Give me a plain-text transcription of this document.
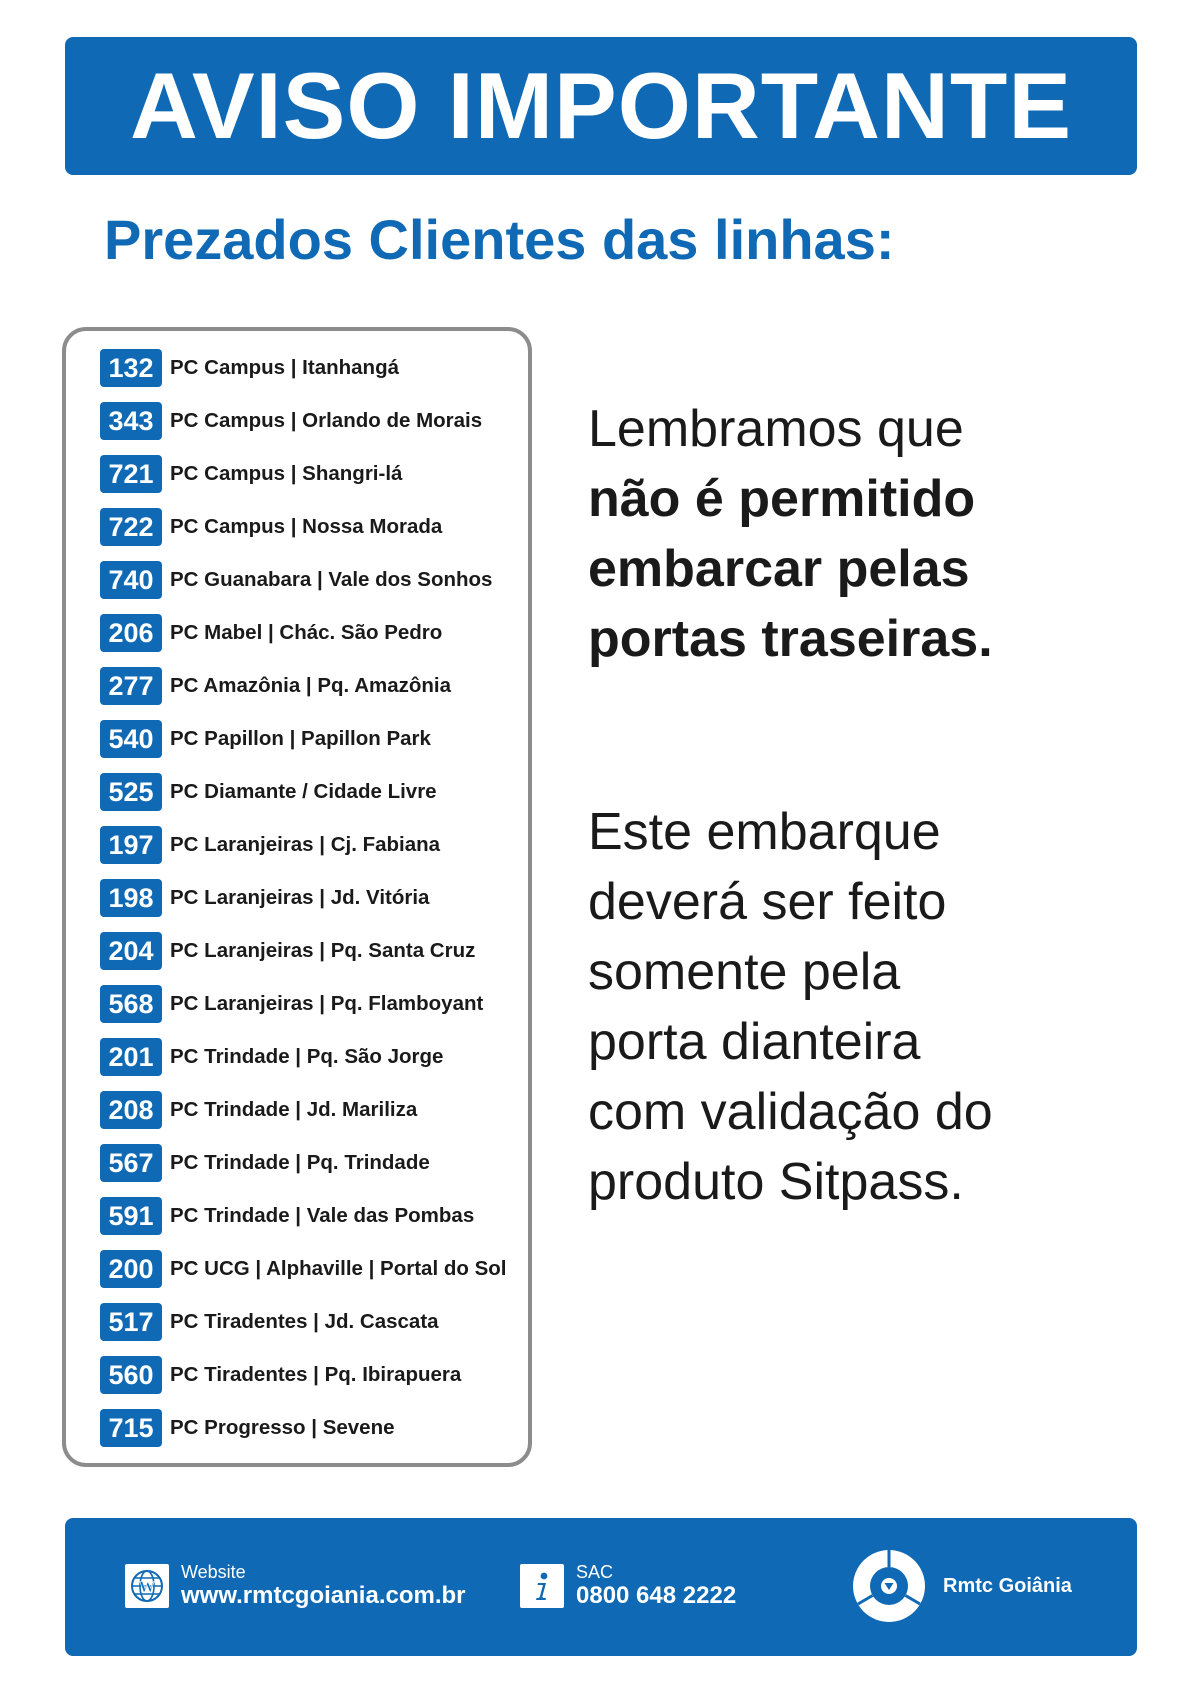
AVISO IMPORTANTE
Prezados Clientes das linhas:
132 PC Campus | Itanhangá
343 PC Campus | Orlando de Morais
721 PC Campus | Shangri-lá
722 PC Campus | Nossa Morada
740 PC Guanabara | Vale dos Sonhos
206 PC Mabel | Chác. São Pedro
277 PC Amazônia | Pq. Amazônia
540 PC Papillon | Papillon Park
525 PC Diamante / Cidade Livre
197 PC Laranjeiras | Cj. Fabiana
198 PC Laranjeiras | Jd. Vitória
204 PC Laranjeiras | Pq. Santa Cruz
568 PC Laranjeiras | Pq. Flamboyant
201 PC Trindade | Pq. São Jorge
208 PC Trindade | Jd. Mariliza
567 PC Trindade | Pq. Trindade
591 PC Trindade | Vale das Pombas
200 PC UCG | Alphaville | Portal do Sol
517 PC Tiradentes | Jd. Cascata
560 PC Tiradentes | Pq. Ibirapuera
715 PC Progresso | Sevene
Lembramos que
não é permitido
embarcar pelas
portas traseiras.
Este embarque
deverá ser feito
somente pela
porta dianteira
com validação do
produto Sitpass.
W
Website
www.rmtcgoiania.com.br
SAC
0800 648 2222	Rmtc Goiânia
